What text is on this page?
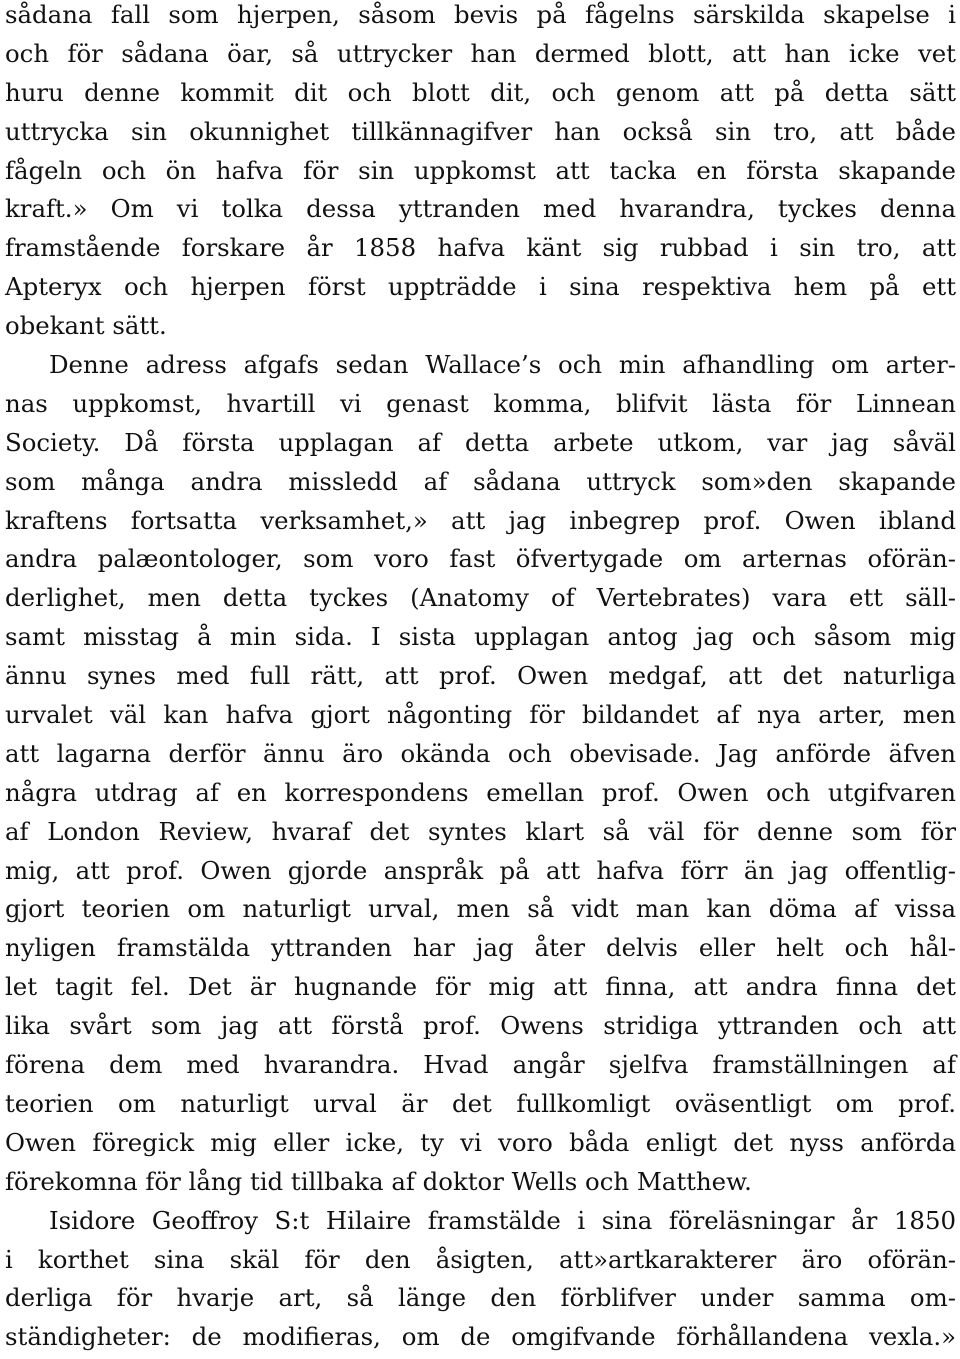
sådana fall som hjerpen, såsom bevis på fågelns särskilda skapelse i
och för sådana öar, så uttrycker han dermed blott, att han icke vet
huru denne kommit dit och blott dit, och genom att på detta sätt
uttrycka sin okunnighet tillkännagifver han också sin tro, att både
fågeln och ön hafva för sin uppkomst att tacka en första skapande
kraft.» Om vi tolka dessa yttranden med hvarandra, tyckes denna
framstående forskare år 1858 hafva känt sig rubbad i sin tro, att
Apteryx och hjerpen först uppträdde i sina respektiva hem på ett
obekant sätt.
Denne adress afgafs sedan Wallace’s och min afhandling om arter-
nas uppkomst, hvartill vi genast komma, blifvit lästa för Linnean
Society. Då första upplagan af detta arbete utkom, var jag såväl
som många andra missledd af sådana uttryck som»den skapande
kraftens fortsatta verksamhet,» att jag inbegrep prof. Owen ibland
andra palæontologer, som voro fast öfvertygade om arternas oförän-
derlighet, men detta tyckes (Anatomy of Vertebrates) vara ett säll-
samt misstag å min sida. I sista upplagan antog jag och såsom mig
ännu synes med full rätt, att prof. Owen medgaf, att det naturliga
urvalet väl kan hafva gjort någonting för bildandet af nya arter, men
att lagarna derför ännu äro okända och obevisade. Jag anförde äfven
några utdrag af en korrespondens emellan prof. Owen och utgifvaren
af London Review, hvaraf det syntes klart så väl för denne som för
mig, att prof. Owen gjorde anspråk på att hafva förr än jag offentlig-
gjort teorien om naturligt urval, men så vidt man kan döma af vissa
nyligen framstälda yttranden har jag åter delvis eller helt och hål-
let tagit fel. Det är hugnande för mig att finna, att andra finna det
lika svårt som jag att förstå prof. Owens stridiga yttranden och att
förena dem med hvarandra. Hvad angår sjelfva framställningen af
teorien om naturligt urval är det fullkomligt oväsentligt om prof.
Owen föregick mig eller icke, ty vi voro båda enligt det nyss anförda
förekomna för lång tid tillbaka af doktor Wells och Matthew.
Isidore Geoffroy S:t Hilaire framstälde i sina föreläsningar år 1850
i korthet sina skäl för den åsigten, att»artkarakterer äro oförän-
derliga för hvarje art, så länge den förblifver under samma om-
ständigheter: de modifieras, om de omgifvande förhållandena vexla.»
